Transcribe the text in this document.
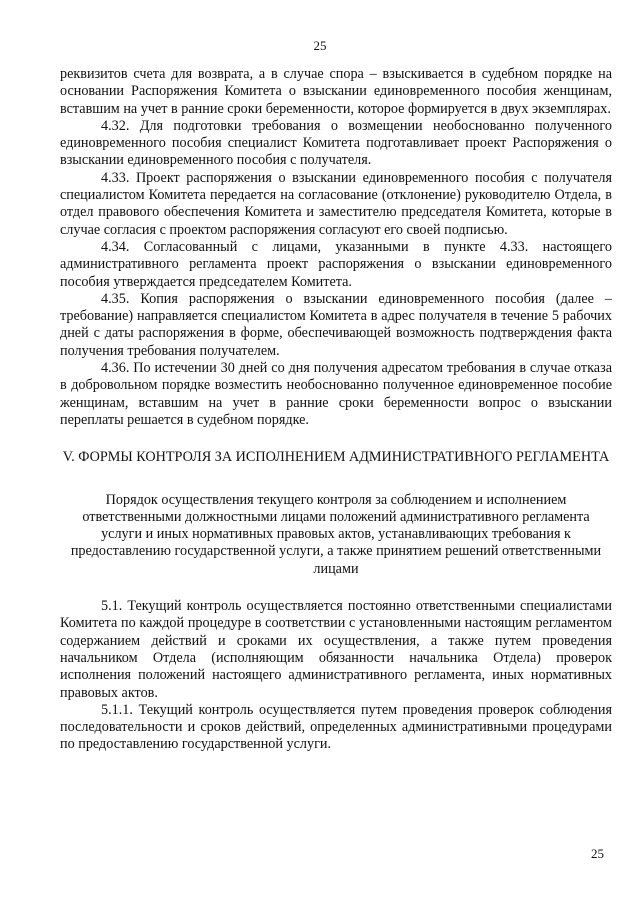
25

реквизитов счета для возврата, а в случае спора – взыскивается в судебном порядке на основании Распоряжения Комитета о взыскании единовременного пособия женщинам, вставшим на учет в ранние сроки беременности, которое формируется в двух экземплярах.

4.32. Для подготовки требования о возмещении необоснованно полученного единовременного пособия специалист Комитета подготавливает проект Распоряжения о взыскании единовременного пособия с получателя.

4.33. Проект распоряжения о взыскании единовременного пособия с получателя специалистом Комитета передается на согласование (отклонение) руководителю Отдела, в отдел правового обеспечения Комитета и заместителю председателя Комитета, которые в случае согласия с проектом распоряжения согласуют его своей подписью.

4.34. Согласованный с лицами, указанными в пункте 4.33. настоящего административного регламента проект распоряжения о взыскании единовременного пособия утверждается председателем Комитета.

4.35. Копия распоряжения о взыскании единовременного пособия (далее – требование) направляется специалистом Комитета в адрес получателя в течение 5 рабочих дней с даты распоряжения в форме, обеспечивающей возможность подтверждения факта получения требования получателем.

4.36. По истечении 30 дней со дня получения адресатом требования в случае отказа в добровольном порядке возместить необоснованно полученное единовременное пособие женщинам, вставшим на учет в ранние сроки беременности вопрос о взыскании переплаты решается в судебном порядке.

V. ФОРМЫ КОНТРОЛЯ ЗА ИСПОЛНЕНИЕМ АДМИНИСТРАТИВНОГО РЕГЛАМЕНТА

Порядок осуществления текущего контроля за соблюдением и исполнением ответственными должностными лицами положений административного регламента услуги и иных нормативных правовых актов, устанавливающих требования к предоставлению государственной услуги, а также принятием решений ответственными лицами

5.1. Текущий контроль осуществляется постоянно ответственными специалистами Комитета по каждой процедуре в соответствии с установленными настоящим регламентом содержанием действий и сроками их осуществления, а также путем проведения начальником Отдела (исполняющим обязанности начальника Отдела) проверок исполнения положений настоящего административного регламента, иных нормативных правовых актов.

5.1.1. Текущий контроль осуществляется путем проведения проверок соблюдения последовательности и сроков действий, определенных административными процедурами по предоставлению государственной услуги.

25
